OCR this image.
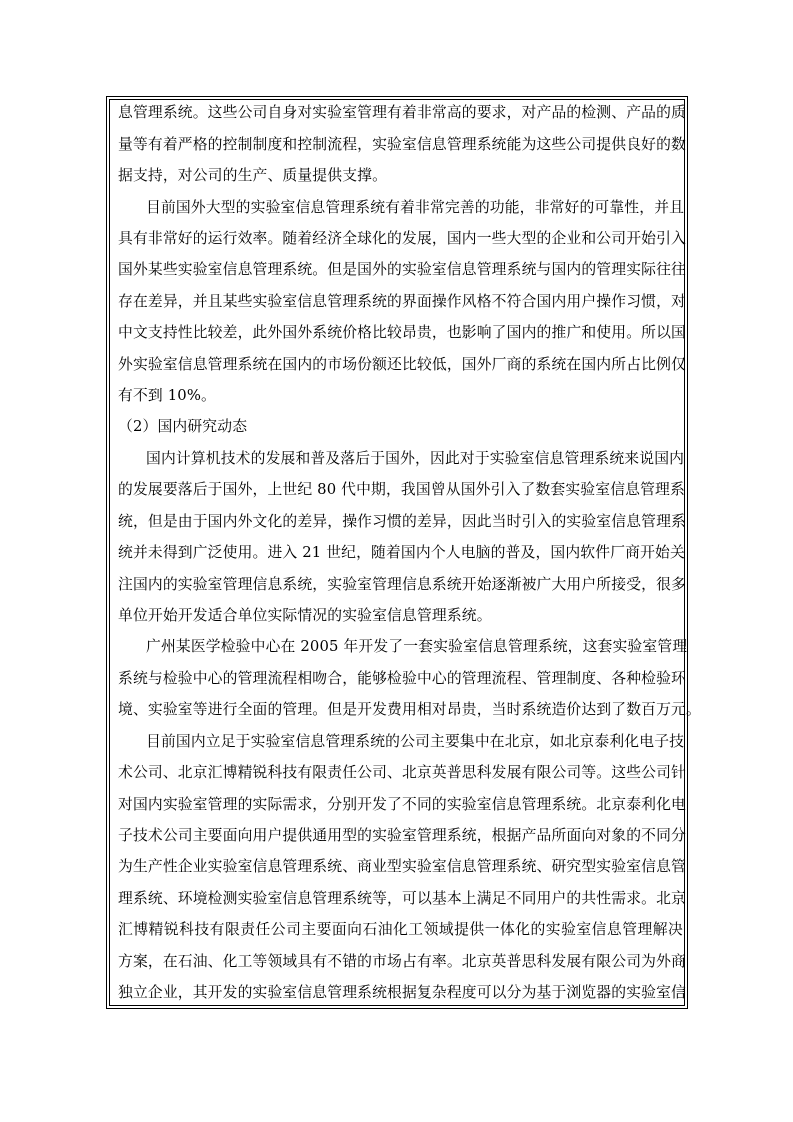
息管理系统。这些公司自身对实验室管理有着非常高的要求，对产品的检测、产品的质
量等有着严格的控制制度和控制流程，实验室信息管理系统能为这些公司提供良好的数
据支持，对公司的生产、质量提供支撑。
目前国外大型的实验室信息管理系统有着非常完善的功能，非常好的可靠性，并且
具有非常好的运行效率。随着经济全球化的发展，国内一些大型的企业和公司开始引入
国外某些实验室信息管理系统。但是国外的实验室信息管理系统与国内的管理实际往往
存在差异，并且某些实验室信息管理系统的界面操作风格不符合国内用户操作习惯，对
中文支持性比较差，此外国外系统价格比较昂贵，也影响了国内的推广和使用。所以国
外实验室信息管理系统在国内的市场份额还比较低，国外厂商的系统在国内所占比例仅
有不到 10%。
（2）国内研究动态
国内计算机技术的发展和普及落后于国外，因此对于实验室信息管理系统来说国内
的发展要落后于国外，上世纪 80 代中期，我国曾从国外引入了数套实验室信息管理系
统，但是由于国内外文化的差异，操作习惯的差异，因此当时引入的实验室信息管理系
统并未得到广泛使用。进入 21 世纪，随着国内个人电脑的普及，国内软件厂商开始关
注国内的实验室管理信息系统，实验室管理信息系统开始逐渐被广大用户所接受，很多
单位开始开发适合单位实际情况的实验室信息管理系统。
广州某医学检验中心在 2005 年开发了一套实验室信息管理系统，这套实验室管理
系统与检验中心的管理流程相吻合，能够检验中心的管理流程、管理制度、各种检验环
境、实验室等进行全面的管理。但是开发费用相对昂贵，当时系统造价达到了数百万元。
目前国内立足于实验室信息管理系统的公司主要集中在北京，如北京泰利化电子技
术公司、北京汇博精锐科技有限责任公司、北京英普思科发展有限公司等。这些公司针
对国内实验室管理的实际需求，分别开发了不同的实验室信息管理系统。北京泰利化电
子技术公司主要面向用户提供通用型的实验室管理系统，根据产品所面向对象的不同分
为生产性企业实验室信息管理系统、商业型实验室信息管理系统、研究型实验室信息管
理系统、环境检测实验室信息管理系统等，可以基本上满足不同用户的共性需求。北京
汇博精锐科技有限责任公司主要面向石油化工领域提供一体化的实验室信息管理解决
方案，在石油、化工等领域具有不错的市场占有率。北京英普思科发展有限公司为外商
独立企业，其开发的实验室信息管理系统根据复杂程度可以分为基于浏览器的实验室信
